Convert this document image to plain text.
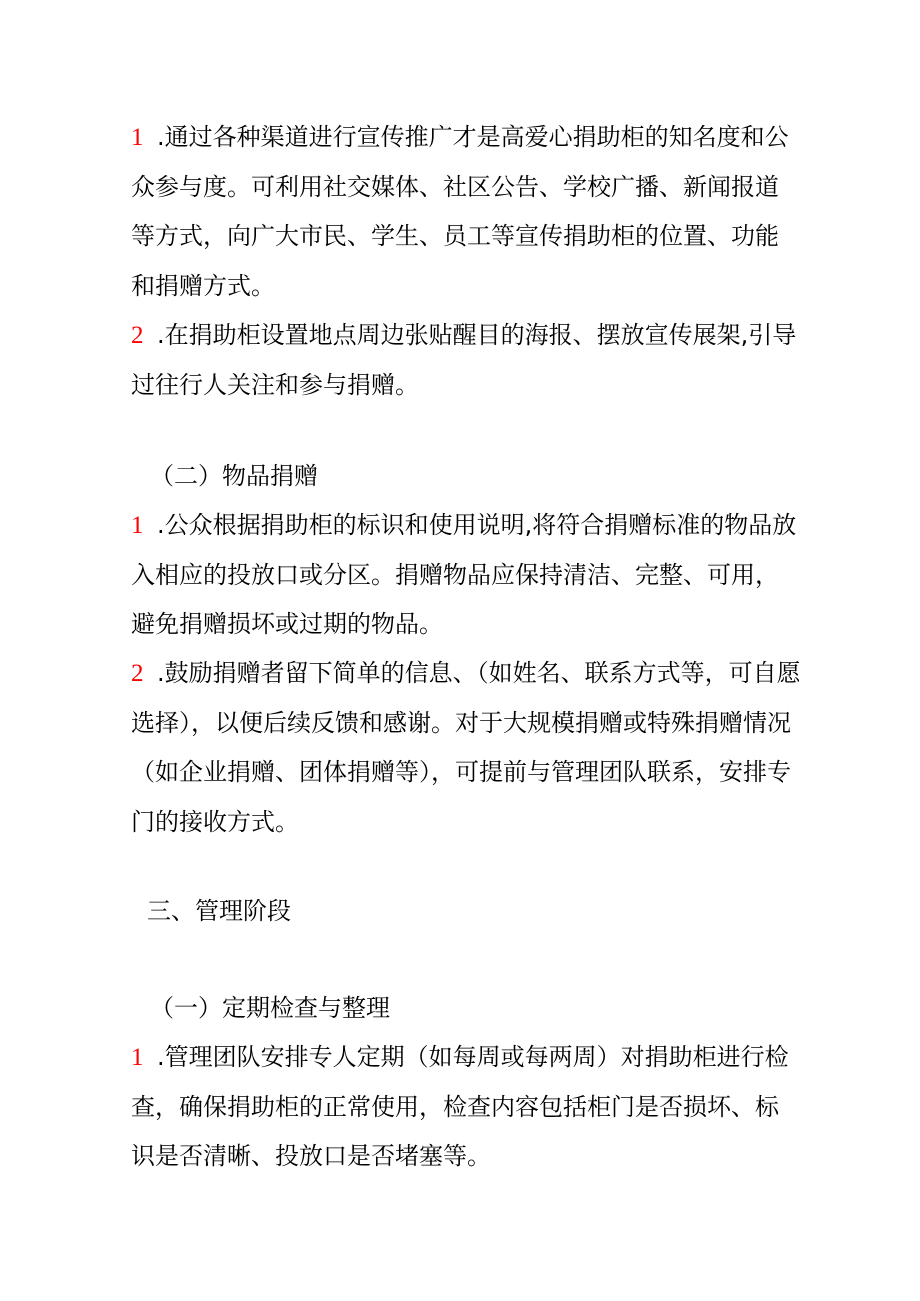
1 .通过各种渠道进行宣传推广才是高爱心捐助柜的知名度和公众参与度。可利用社交媒体、社区公告、学校广播、新闻报道等方式，向广大市民、学生、员工等宣传捐助柜的位置、功能和捐赠方式。

2 .在捐助柜设置地点周边张贴醒目的海报、摆放宣传展架,引导过往行人关注和参与捐赠。

（二）物品捐赠

1 .公众根据捐助柜的标识和使用说明,将符合捐赠标准的物品放入相应的投放口或分区。捐赠物品应保持清洁、完整、可用，避免捐赠损坏或过期的物品。

2 .鼓励捐赠者留下简单的信息、（如姓名、联系方式等，可自愿选择），以便后续反馈和感谢。对于大规模捐赠或特殊捐赠情况（如企业捐赠、团体捐赠等），可提前与管理团队联系，安排专门的接收方式。

三、管理阶段

（一）定期检查与整理

1 .管理团队安排专人定期（如每周或每两周）对捐助柜进行检查，确保捐助柜的正常使用，检查内容包括柜门是否损坏、标识是否清晰、投放口是否堵塞等。
